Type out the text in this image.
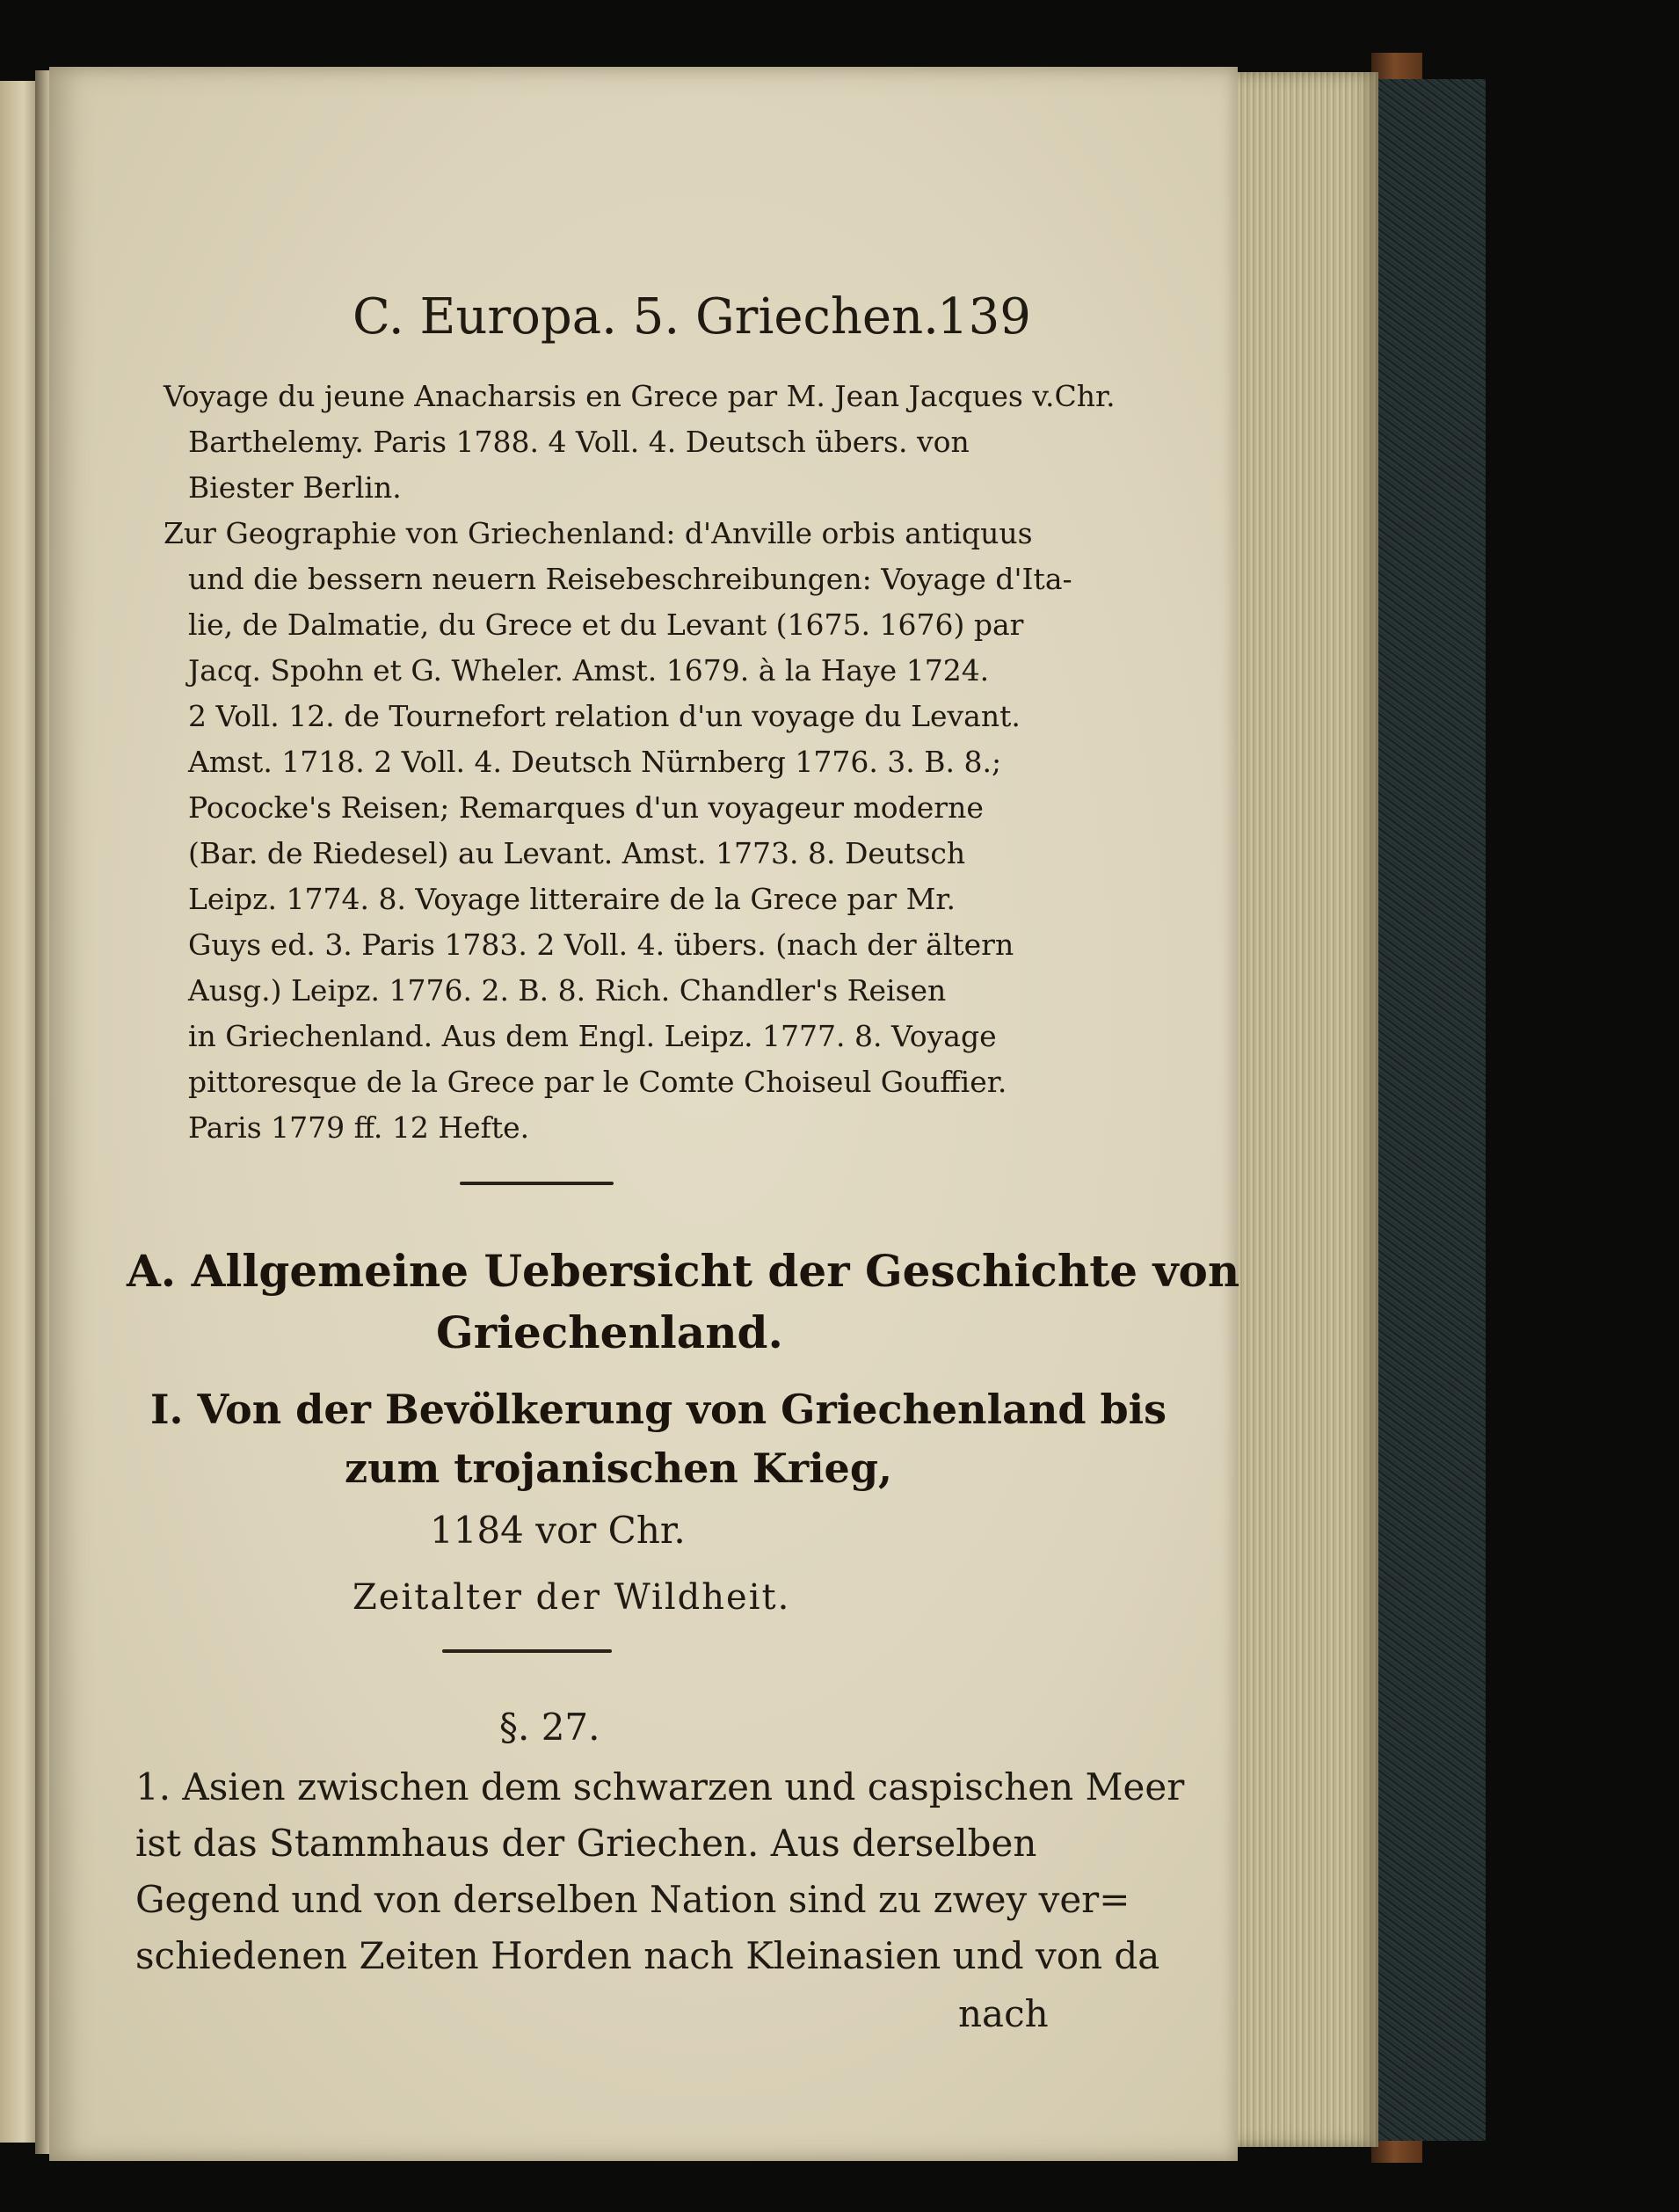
C. Europa. 5. Griechen.
139
Voyage du jeune Anacharsis en Grece par M. Jean Jacques v.Chr.
Barthelemy. Paris 1788. 4 Voll. 4. Deutsch übers. von
Biester Berlin.
Zur Geographie von Griechenland: d'Anville orbis antiquus
und die bessern neuern Reisebeschreibungen: Voyage d'Ita-
lie, de Dalmatie, du Grece et du Levant (1675. 1676) par
Jacq. Spohn et G. Wheler. Amst. 1679. à la Haye 1724.
2 Voll. 12. de Tournefort relation d'un voyage du Levant.
Amst. 1718. 2 Voll. 4. Deutsch Nürnberg 1776. 3. B. 8.;
Pococke's Reisen; Remarques d'un voyageur moderne
(Bar. de Riedesel) au Levant. Amst. 1773. 8. Deutsch
Leipz. 1774. 8. Voyage litteraire de la Grece par Mr.
Guys ed. 3. Paris 1783. 2 Voll. 4. übers. (nach der ältern
Ausg.) Leipz. 1776. 2. B. 8. Rich. Chandler's Reisen
in Griechenland. Aus dem Engl. Leipz. 1777. 8. Voyage
pittoresque de la Grece par le Comte Choiseul Gouffier.
Paris 1779 ff. 12 Hefte.
A. Allgemeine Uebersicht der Geschichte von
Griechenland.
I. Von der Bevölkerung von Griechenland bis
zum trojanischen Krieg,
1184 vor Chr.
Zeitalter der Wildheit.
§. 27.
1. Asien zwischen dem schwarzen und caspischen Meer
ist das Stammhaus der Griechen. Aus derselben
Gegend und von derselben Nation sind zu zwey ver=
schiedenen Zeiten Horden nach Kleinasien und von da
nach
